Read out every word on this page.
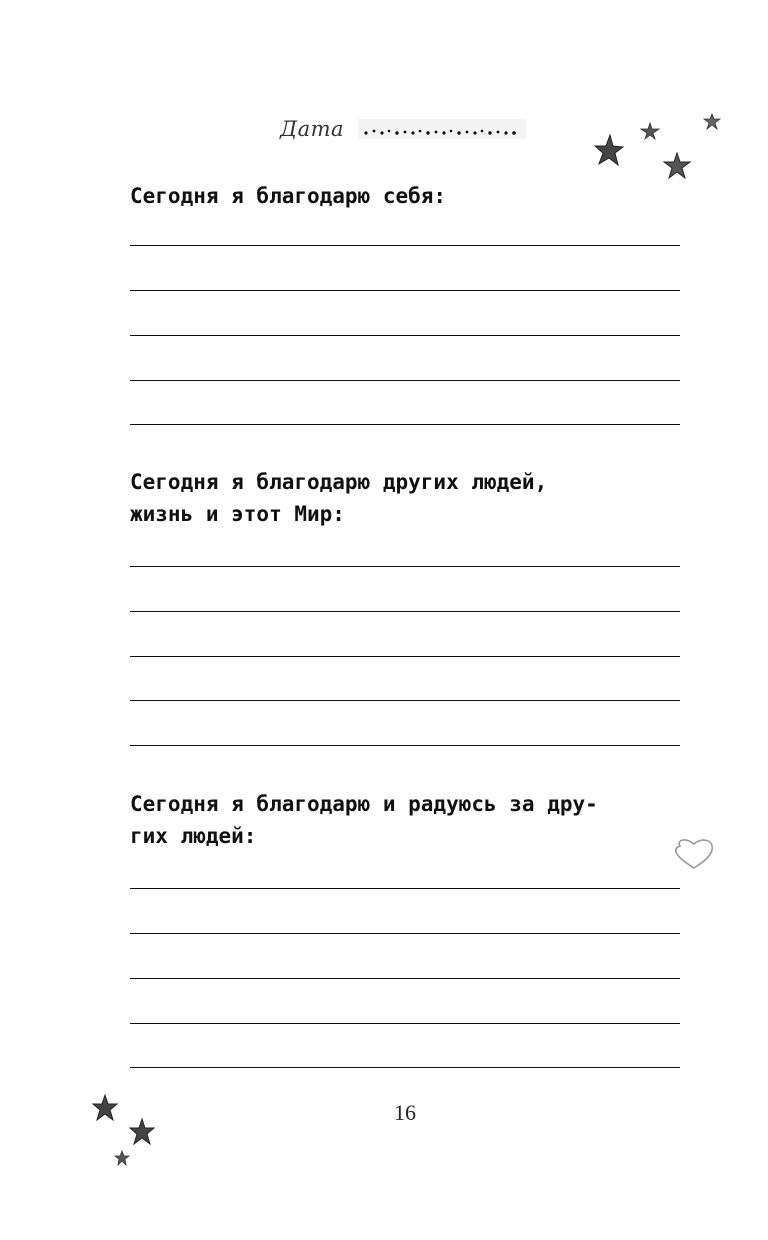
Дата
Сегодня я благодарю себя:
Сегодня я благодарю других людей,
жизнь и этот Мир:
Сегодня я благодарю и радуюсь за дру-
гих людей:
16
